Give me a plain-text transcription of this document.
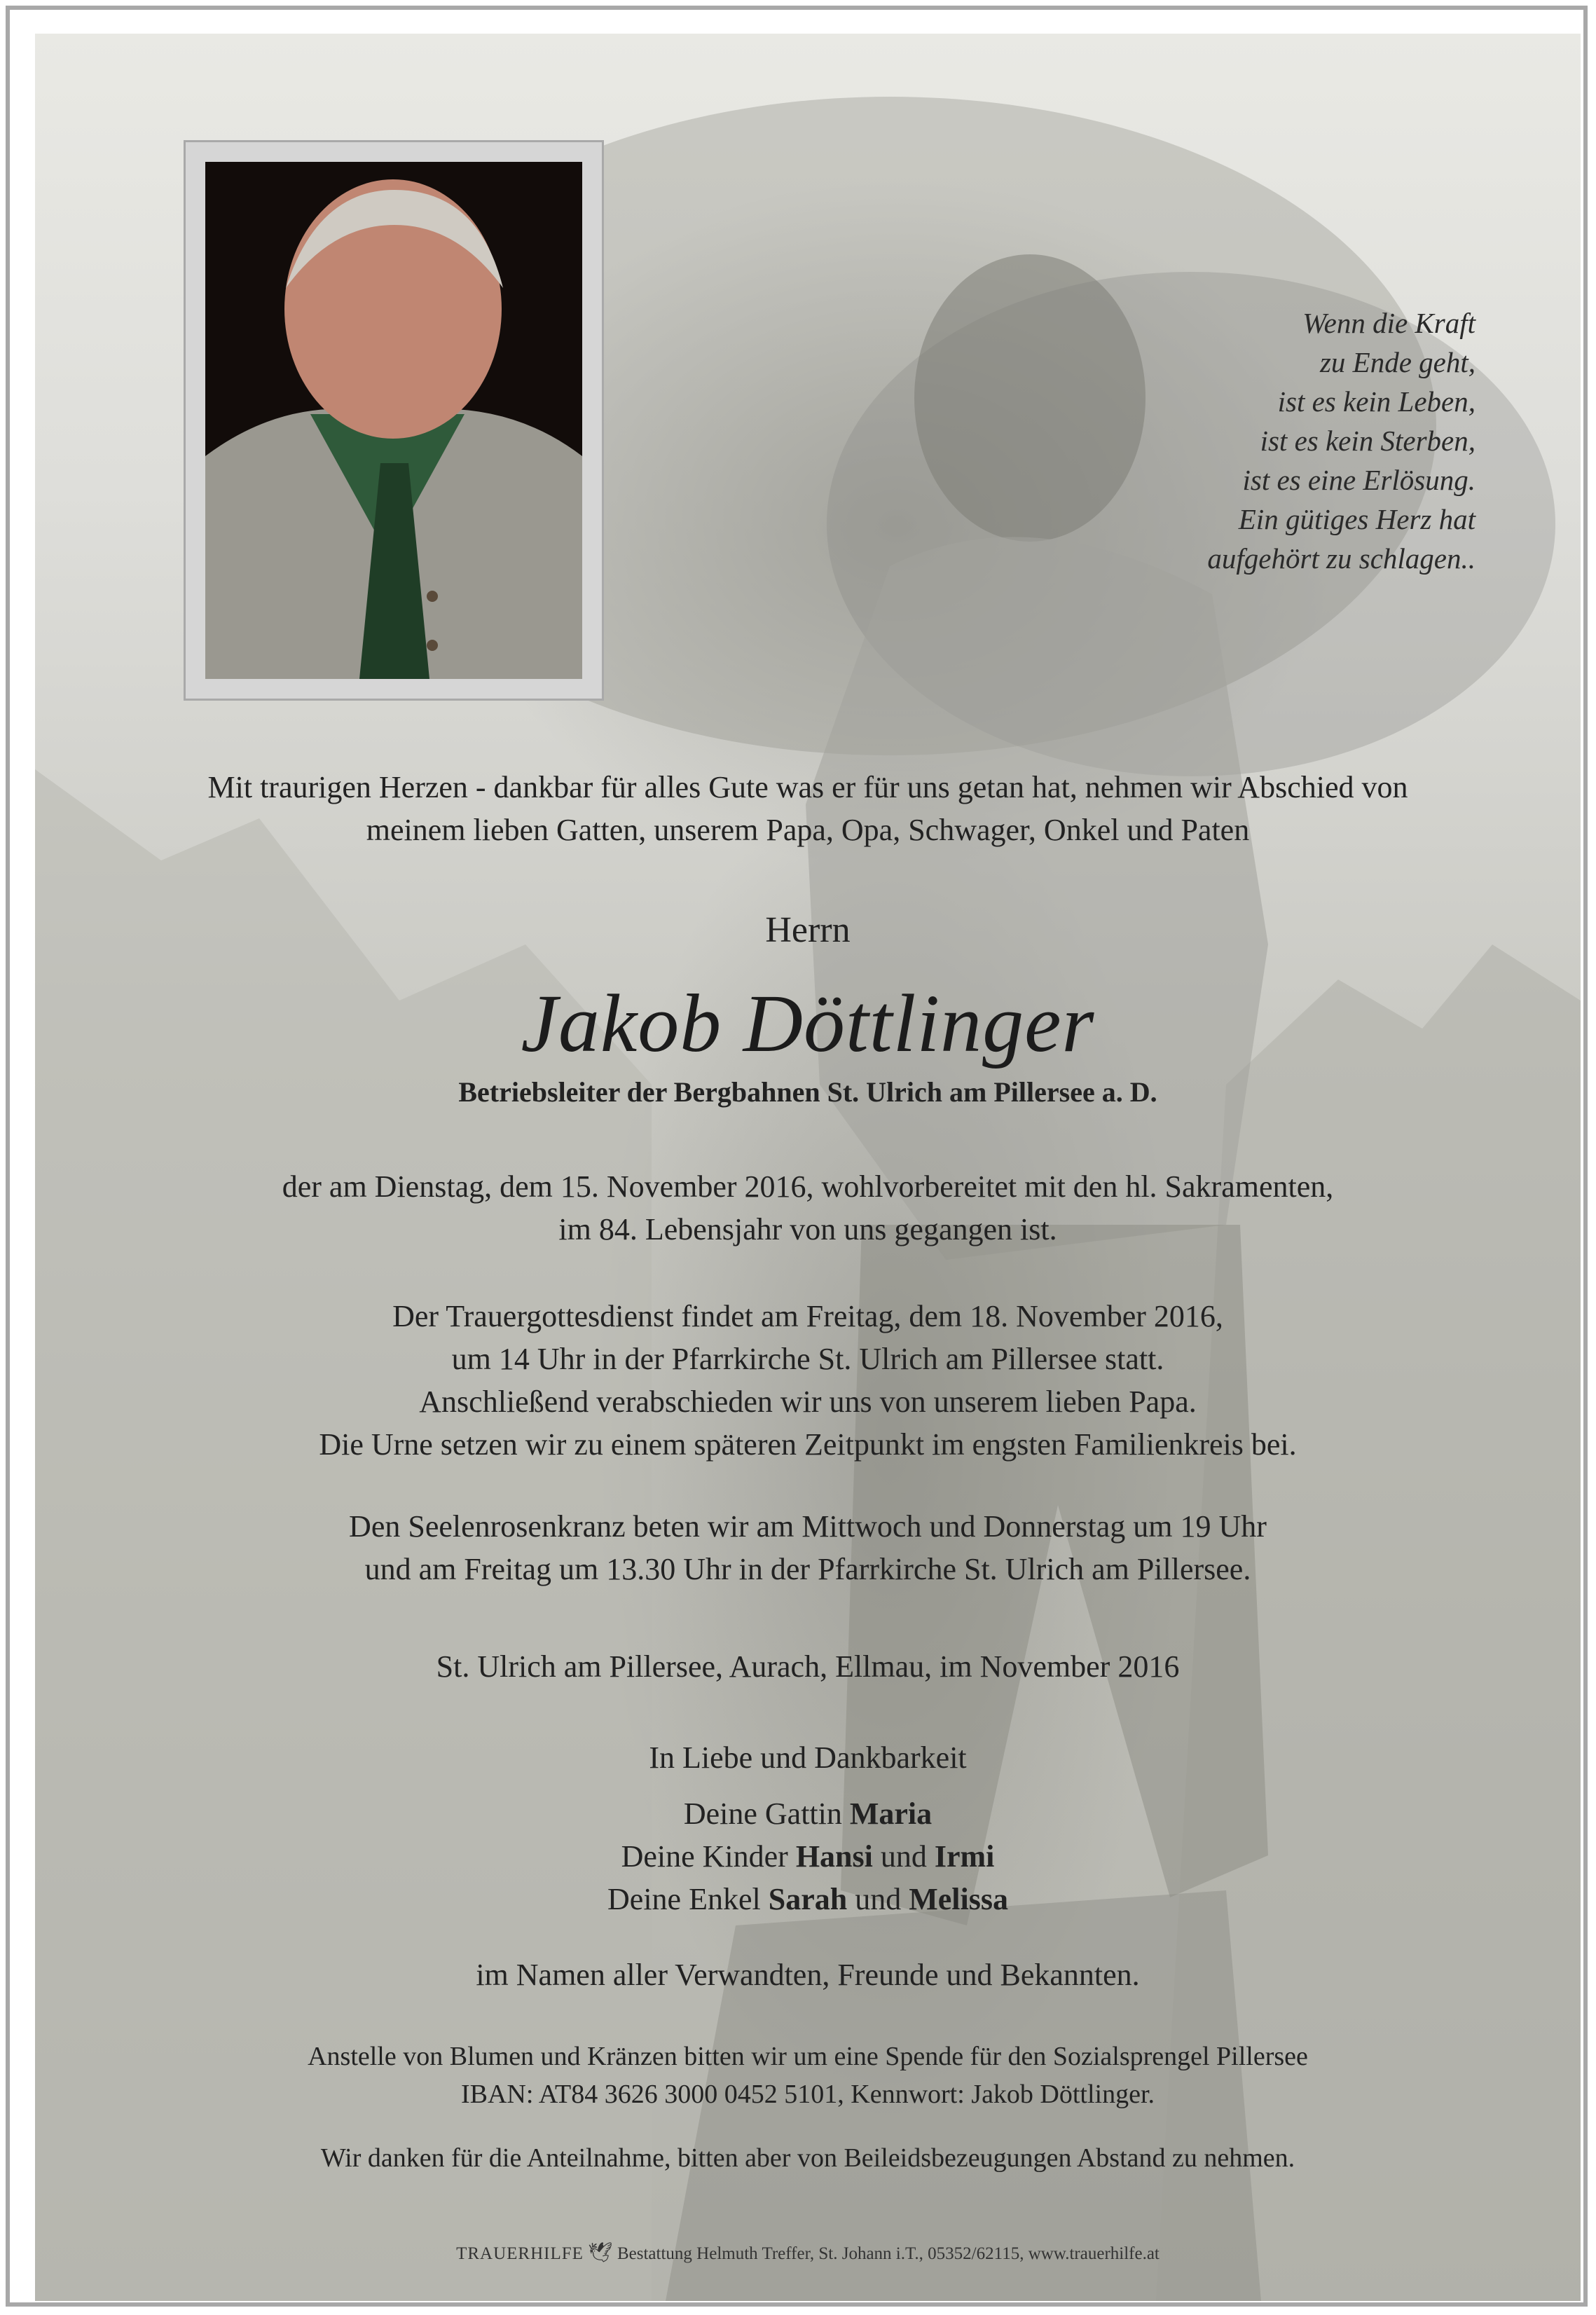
Wenn die Kraft
zu Ende geht,
ist es kein Leben,
ist es kein Sterben,
ist es eine Erlösung.
Ein gütiges Herz hat
aufgehört zu schlagen..
Mit traurigen Herzen - dankbar für alles Gute was er für uns getan hat, nehmen wir Abschied von
meinem lieben Gatten, unserem Papa, Opa, Schwager, Onkel und Paten
Herrn
Jakob Döttlinger
Betriebsleiter der Bergbahnen St. Ulrich am Pillersee a. D.
der am Dienstag, dem 15. November 2016, wohlvorbereitet mit den hl. Sakramenten,
im 84. Lebensjahr von uns gegangen ist.
Der Trauergottesdienst findet am Freitag, dem 18. November 2016,
um 14 Uhr in der Pfarrkirche St. Ulrich am Pillersee statt.
Anschließend verabschieden wir uns von unserem lieben Papa.
Die Urne setzen wir zu einem späteren Zeitpunkt im engsten Familienkreis bei.
Den Seelenrosenkranz beten wir am Mittwoch und Donnerstag um 19 Uhr
und am Freitag um 13.30 Uhr in der Pfarrkirche St. Ulrich am Pillersee.
St. Ulrich am Pillersee, Aurach, Ellmau, im November 2016
In Liebe und Dankbarkeit
Deine Gattin Maria
Deine Kinder Hansi und Irmi
Deine Enkel Sarah und Melissa
im Namen aller Verwandten, Freunde und Bekannten.
Anstelle von Blumen und Kränzen bitten wir um eine Spende für den Sozialsprengel Pillersee
IBAN: AT84 3626 3000 0452 5101, Kennwort: Jakob Döttlinger.
Wir danken für die Anteilnahme, bitten aber von Beileidsbezeugungen Abstand zu nehmen.
TRAUERHILFE 🕊 Bestattung Helmuth Treffer, St. Johann i.T., 05352/62115, www.trauerhilfe.at
